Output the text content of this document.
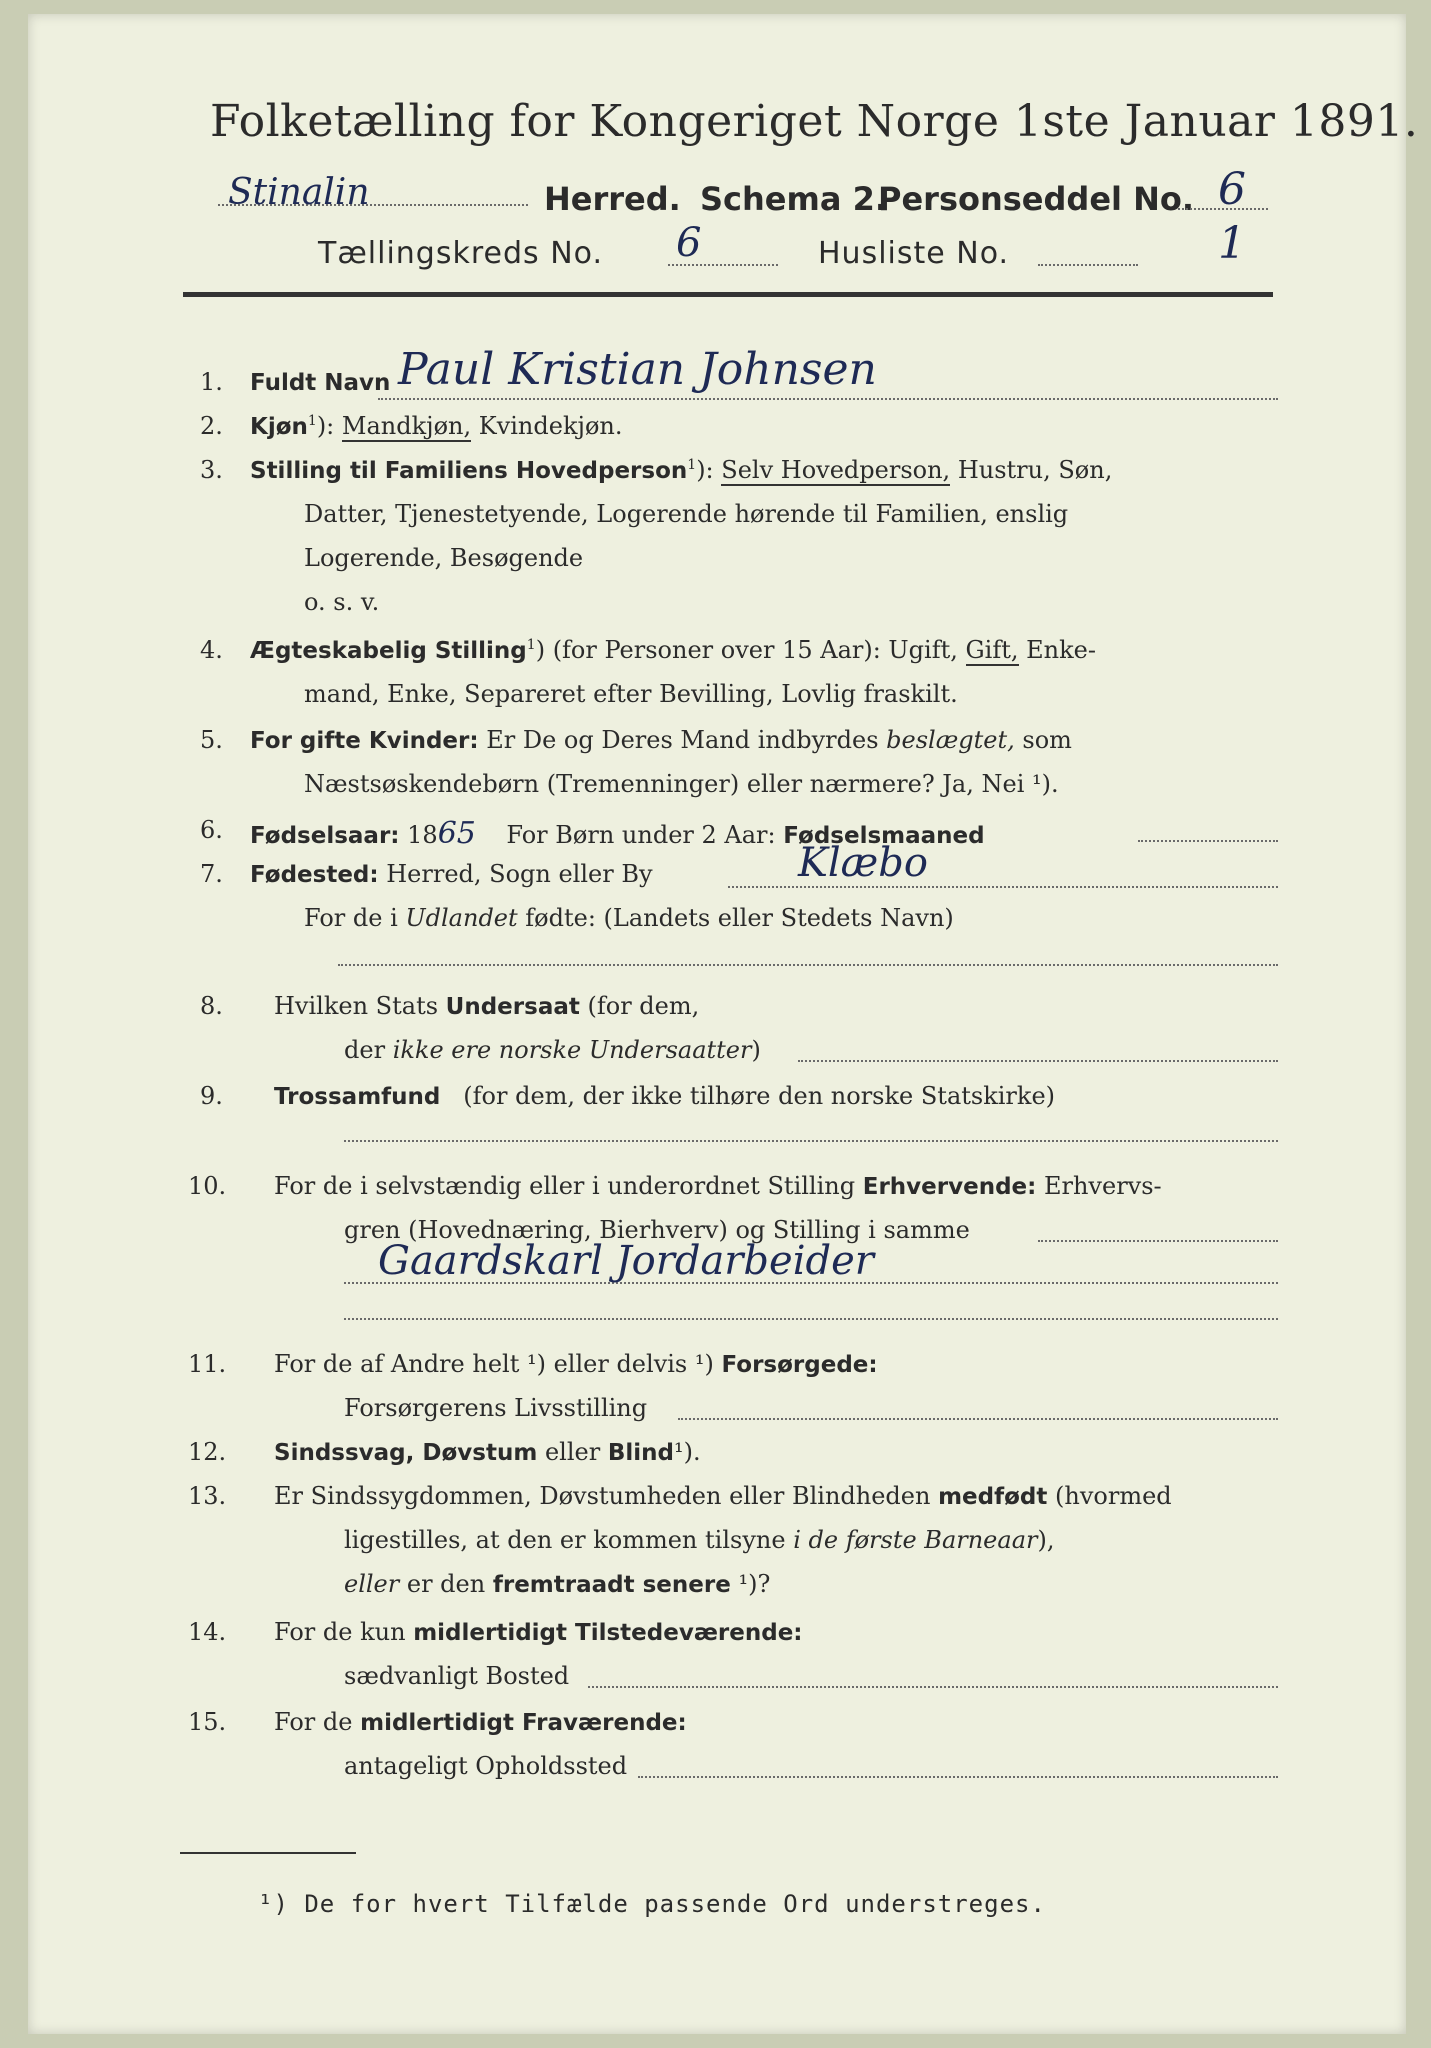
Folketælling for Kongeriget Norge 1ste Januar 1891.
Stinalin	Herred. Schema 2.
Personseddel No. 6
Tællingskreds No. 6	Husliste No.	1
1. Fuldt Navn Paul Kristian Johnsen
2. Kjøn$^1$): Mandkjøn, Kvindekjøn.
3. Stilling til Familiens Hovedperson$^1$): Selv Hovedperson, Hustru, Søn,
Datter, Tjenestetyende, Logerende hørende til Familien, enslig
Logerende, Besøgende
o. s. v.
4. Ægteskabelig Stilling$^1$) (for Personer over 15 Aar): Ugift, Gift, Enke-
mand, Enke, Separeret efter Bevilling, Lovlig fraskilt.
5. For gifte Kvinder: Er De og Deres Mand indbyrdes beslægtet, som
Næstsøskendebørn (Tremenninger) eller nærmere? Ja, Nei ¹).
6. Fødselsaar: 1865 For Børn under 2 Aar: Fødselsmaaned
7. Fødested: Herred, Sogn eller By	Klæbo
For de i Udlandet fødte: (Landets eller Stedets Navn)
8. Hvilken Stats Undersaat (for dem,
der ikke ere norske Undersaatter)
9. Trossamfund (for dem, der ikke tilhøre den norske Statskirke)
10. For de i selvstændig eller i underordnet Stilling Erhvervende: Erhvervs-
gren (Hovednæring, Bierhverv) og Stilling i samme
Gaardskarl Jordarbeider
11. For de af Andre helt ¹) eller delvis ¹) Forsørgede:
Forsørgerens Livsstilling
12. Sindssvag, Døvstum eller Blind¹).
13. Er Sindssygdommen, Døvstumheden eller Blindheden medfødt (hvormed
ligestilles, at den er kommen tilsyne i de første Barneaar),
eller er den fremtraadt senere ¹)?
14. For de kun midlertidigt Tilstedeværende:
sædvanligt Bosted
15. For de midlertidigt Fraværende:
antageligt Opholdssted
¹) De for hvert Tilfælde passende Ord understreges.
